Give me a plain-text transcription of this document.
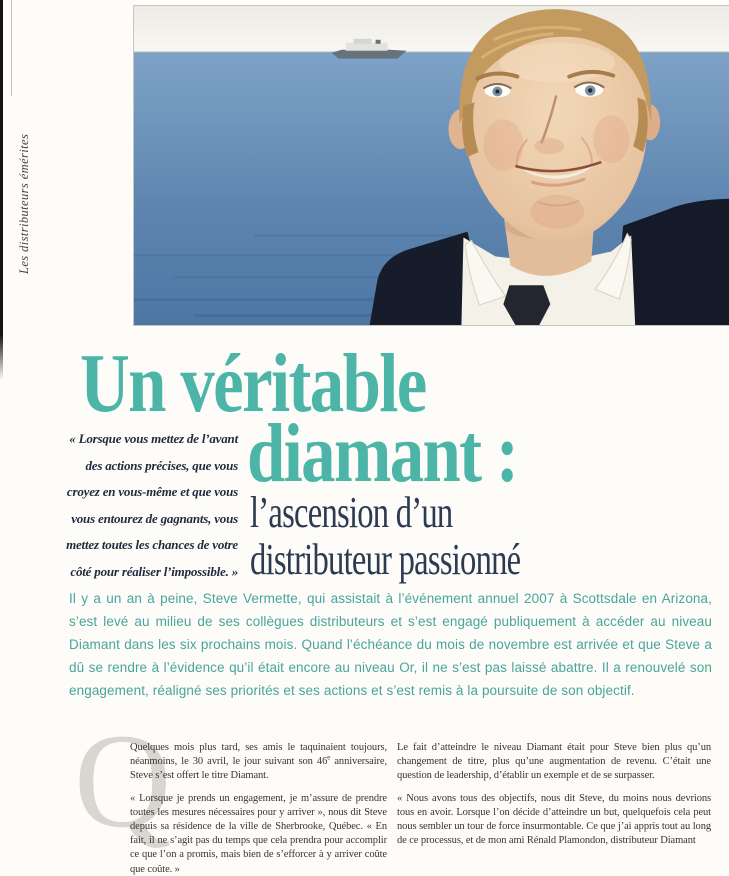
Les distributeurs émérites
Un véritable
diamant :
l’ascension d’un
distributeur passionné
« Lorsque vous mettez de l’avant des actions précises, que vous croyez en vous-même et que vous vous entourez de gagnants, vous mettez toutes les chances de votre côté pour réaliser l’impossible. »
Il y a un an à peine, Steve Vermette, qui assistait à l’événement annuel 2007 à Scottsdale en Arizona, s’est levé au milieu de ses collègues distributeurs et s’est engagé publiquement à accéder au niveau Diamant dans les six prochains mois. Quand l’échéance du mois de novembre est arrivée et que Steve a dû se rendre à l’évidence qu’il était encore au niveau Or, il ne s’est pas laissé abattre. Il a renouvelé son engagement, réaligné ses priorités et ses actions et s’est remis à la poursuite de son objectif.
Q

Quelques mois plus tard, ses amis le taquinaient toujours, néanmoins, le 30 avril, le jour suivant son 46e anniversaire, Steve s’est offert le titre Diamant.

« Lorsque je prends un engagement, je m’assure de prendre toutes les mesures nécessaires pour y arriver », nous dit Steve depuis sa résidence de la ville de Sherbrooke, Québec. « En fait, il ne s’agit pas du temps que cela prendra pour accomplir ce que l’on a promis, mais bien de s’efforcer à y arriver coûte que coûte. »

Le fait d’atteindre le niveau Diamant était pour Steve bien plus qu’un changement de titre, plus qu’une augmentation de revenu. C’était une question de leadership, d’établir un exemple et de se surpasser.

« Nous avons tous des objectifs, nous dit Steve, du moins nous devrions tous en avoir. Lorsque l’on décide d’atteindre un but, quelquefois cela peut nous sembler un tour de force insurmontable. Ce que j’ai appris tout au long de ce processus, et de mon ami Rénald Plamondon, distributeur Diamant
